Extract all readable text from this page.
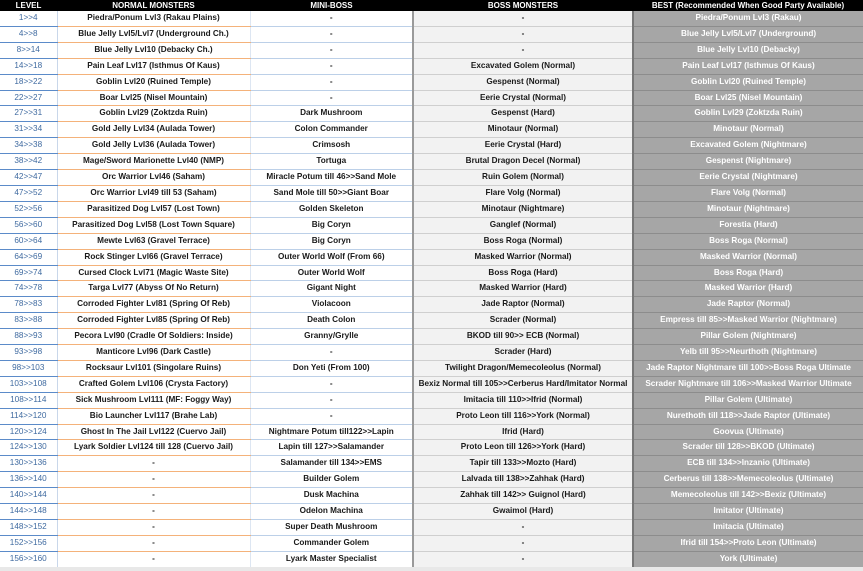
LEVEL	NORMAL MONSTERS	MINI-BOSS	BOSS MONSTERS	BEST (Recommended When Good Party Available)
1>>4	Piedra/Ponum Lvl3 (Rakau Plains)	-	-	Piedra/Ponum Lvl3 (Rakau)
4>>8	Blue Jelly Lvl5/Lvl7 (Underground Ch.)	-	-	Blue Jelly Lvl5/Lvl7 (Underground)
8>>14	Blue Jelly Lvl10 (Debacky Ch.)	-	-	Blue Jelly Lvl10 (Debacky)
14>>18	Pain Leaf Lvl17 (Isthmus Of Kaus)	-	Excavated Golem (Normal)	Pain Leaf Lvl17 (Isthmus Of Kaus)
18>>22	Goblin Lvl20 (Ruined Temple)	-	Gespenst (Normal)	Goblin Lvl20 (Ruined Temple)
22>>27	Boar Lvl25 (Nisel Mountain)	-	Eerie Crystal (Normal)	Boar Lvl25 (Nisel Mountain)
27>>31	Goblin Lvl29 (Zoktzda Ruin)	Dark Mushroom	Gespenst (Hard)	Goblin Lvl29 (Zoktzda Ruin)
31>>34	Gold Jelly Lvl34 (Aulada Tower)	Colon Commander	Minotaur (Normal)	Minotaur (Normal)
34>>38	Gold Jelly Lvl36 (Aulada Tower)	Crimsosh	Eerie Crystal (Hard)	Excavated Golem (Nightmare)
38>>42	Mage/Sword Marionette Lvl40 (NMP)	Tortuga	Brutal Dragon Decel (Normal)	Gespenst (Nightmare)
42>>47	Orc Warrior Lvl46 (Saham)	Miracle Potum till 46>>Sand Mole	Ruin Golem (Normal)	Eerie Crystal (Nightmare)
47>>52	Orc Warrior Lvl49 till 53 (Saham)	Sand Mole till 50>>Giant Boar	Flare Volg (Normal)	Flare Volg (Normal)
52>>56	Parasitized Dog Lvl57 (Lost Town)	Golden Skeleton	Minotaur (Nightmare)	Minotaur (Nightmare)
56>>60	Parasitized Dog Lvl58 (Lost Town Square)	Big Coryn	Ganglef (Normal)	Forestia (Hard)
60>>64	Mewte Lvl63 (Gravel Terrace)	Big Coryn	Boss Roga (Normal)	Boss Roga (Normal)
64>>69	Rock Stinger Lvl66 (Gravel Terrace)	Outer World Wolf (From 66)	Masked Warrior (Normal)	Masked Warrior (Normal)
69>>74	Cursed Clock Lvl71 (Magic Waste Site)	Outer World Wolf	Boss Roga (Hard)	Boss Roga (Hard)
74>>78	Targa Lvl77 (Abyss Of No Return)	Gigant Night	Masked Warrior (Hard)	Masked Warrior (Hard)
78>>83	Corroded Fighter Lvl81 (Spring Of Reb)	Violacoon	Jade Raptor (Normal)	Jade Raptor (Normal)
83>>88	Corroded Fighter Lvl85 (Spring Of Reb)	Death Colon	Scrader (Normal)	Empress till 85>>Masked Warrior (Nightmare)
88>>93	Pecora Lvl90 (Cradle Of Soldiers: Inside)	Granny/Grylle	BKOD till 90>> ECB (Normal)	Pillar Golem (Nightmare)
93>>98	Manticore Lvl96 (Dark Castle)	-	Scrader (Hard)	Yelb till 95>>Neurthoth (Nightmare)
98>>103	Rocksaur Lvl101 (Singolare Ruins)	Don Yeti (From 100)	Twilight Dragon/Memecoleolus (Normal)	Jade Raptor Nightmare till 100>>Boss Roga Ultimate
103>>108	Crafted Golem Lvl106 (Crysta Factory)	-	Bexiz Normal till 105>>Cerberus Hard/Imitator Normal	Scrader Nightmare till 106>>Masked Warrior Ultimate
108>>114	Sick Mushroom Lvl111 (MF: Foggy Way)	-	Imitacia till 110>>Ifrid (Normal)	Pillar Golem (Ultimate)
114>>120	Bio Launcher Lvl117 (Brahe Lab)	-	Proto Leon till 116>>York (Normal)	Nurethoth till 118>>Jade Raptor (Ultimate)
120>>124	Ghost In The Jail Lvl122 (Cuervo Jail)	Nightmare Potum till122>>Lapin	Ifrid (Hard)	Goovua (Ultimate)
124>>130	Lyark Soldier Lvl124 till 128 (Cuervo Jail)	Lapin till 127>>Salamander	Proto Leon till 126>>York (Hard)	Scrader till 128>>BKOD (Ultimate)
130>>136	-	Salamander till 134>>EMS	Tapir till 133>>Mozto (Hard)	ECB till 134>>Inzanio (Ultimate)
136>>140	-	Builder Golem	Lalvada till 138>>Zahhak (Hard)	Cerberus till 138>>Memecoleolus (Ultimate)
140>>144	-	Dusk Machina	Zahhak till 142>> Guignol (Hard)	Memecoleolus till 142>>Bexiz (Ultimate)
144>>148	-	Odelon Machina	Gwaimol (Hard)	Imitator (Ultimate)
148>>152	-	Super Death Mushroom	-	Imitacia (Ultimate)
152>>156	-	Commander Golem	-	Ifrid till 154>>Proto Leon (Ultimate)
156>>160	-	Lyark Master Specialist	-	York (Ultimate)
